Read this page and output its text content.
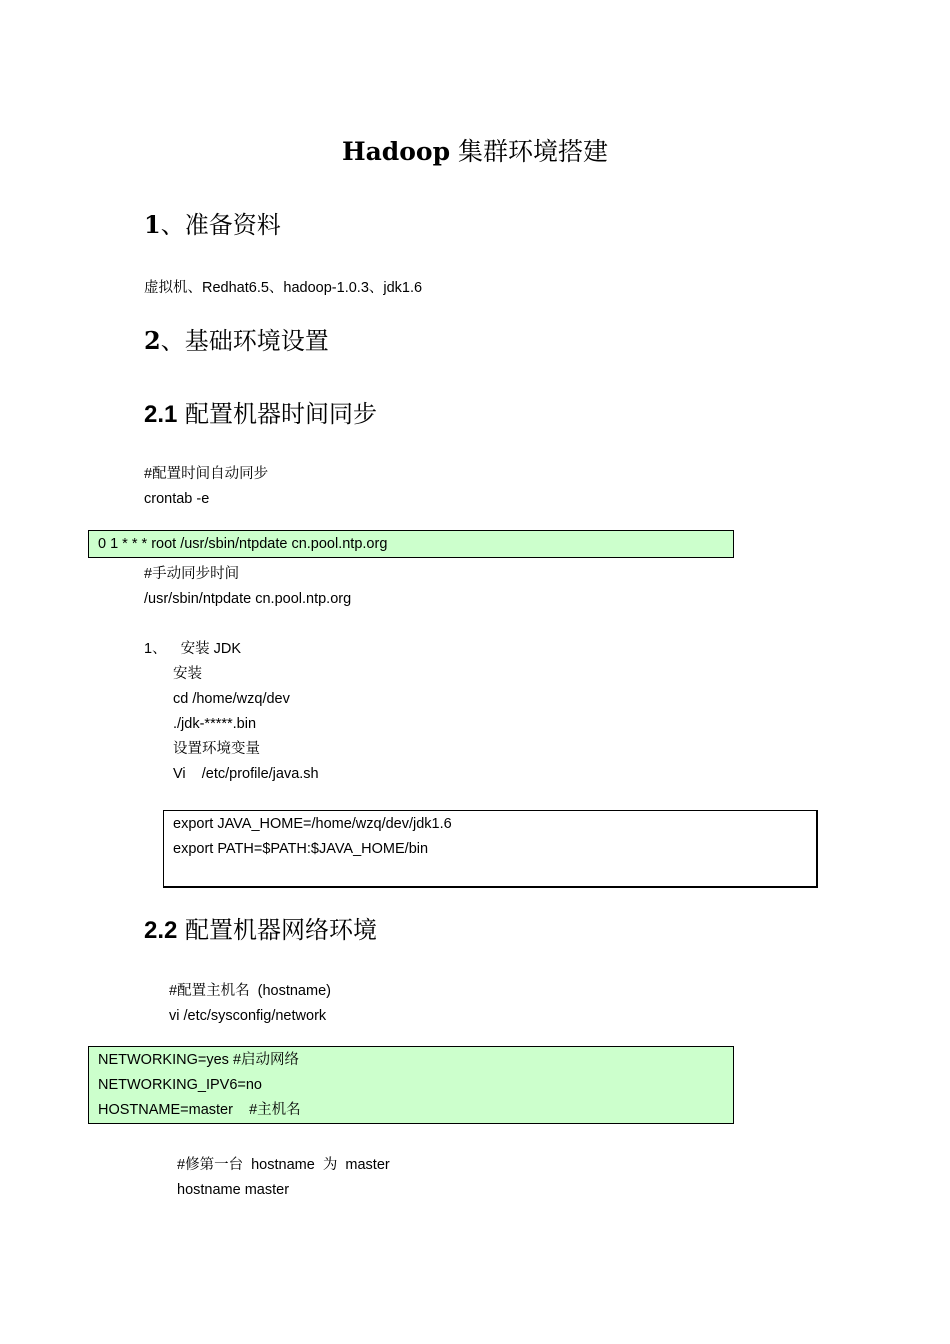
Hadoop 集群环境搭建
1、准备资料
虚拟机、Redhat6.5、hadoop-1.0.3、jdk1.6
2、基础环境设置
2.1 配置机器时间同步
#配置时间自动同步
crontab -e
0 1 * * * root /usr/sbin/ntpdate cn.pool.ntp.org
#手动同步时间
/usr/sbin/ntpdate cn.pool.ntp.org
1、 安装 JDK
安装
cd /home/wzq/dev
./jdk-*****.bin
设置环境变量
Vi    /etc/profile/java.sh
export JAVA_HOME=/home/wzq/dev/jdk1.6
export PATH=$PATH:$JAVA_HOME/bin
2.2 配置机器网络环境
#配置主机名  (hostname)
vi /etc/sysconfig/network
NETWORKING=yes #启动网络
NETWORKING_IPV6=no
HOSTNAME=master    #主机名
#修第一台  hostname  为  master
hostname master
